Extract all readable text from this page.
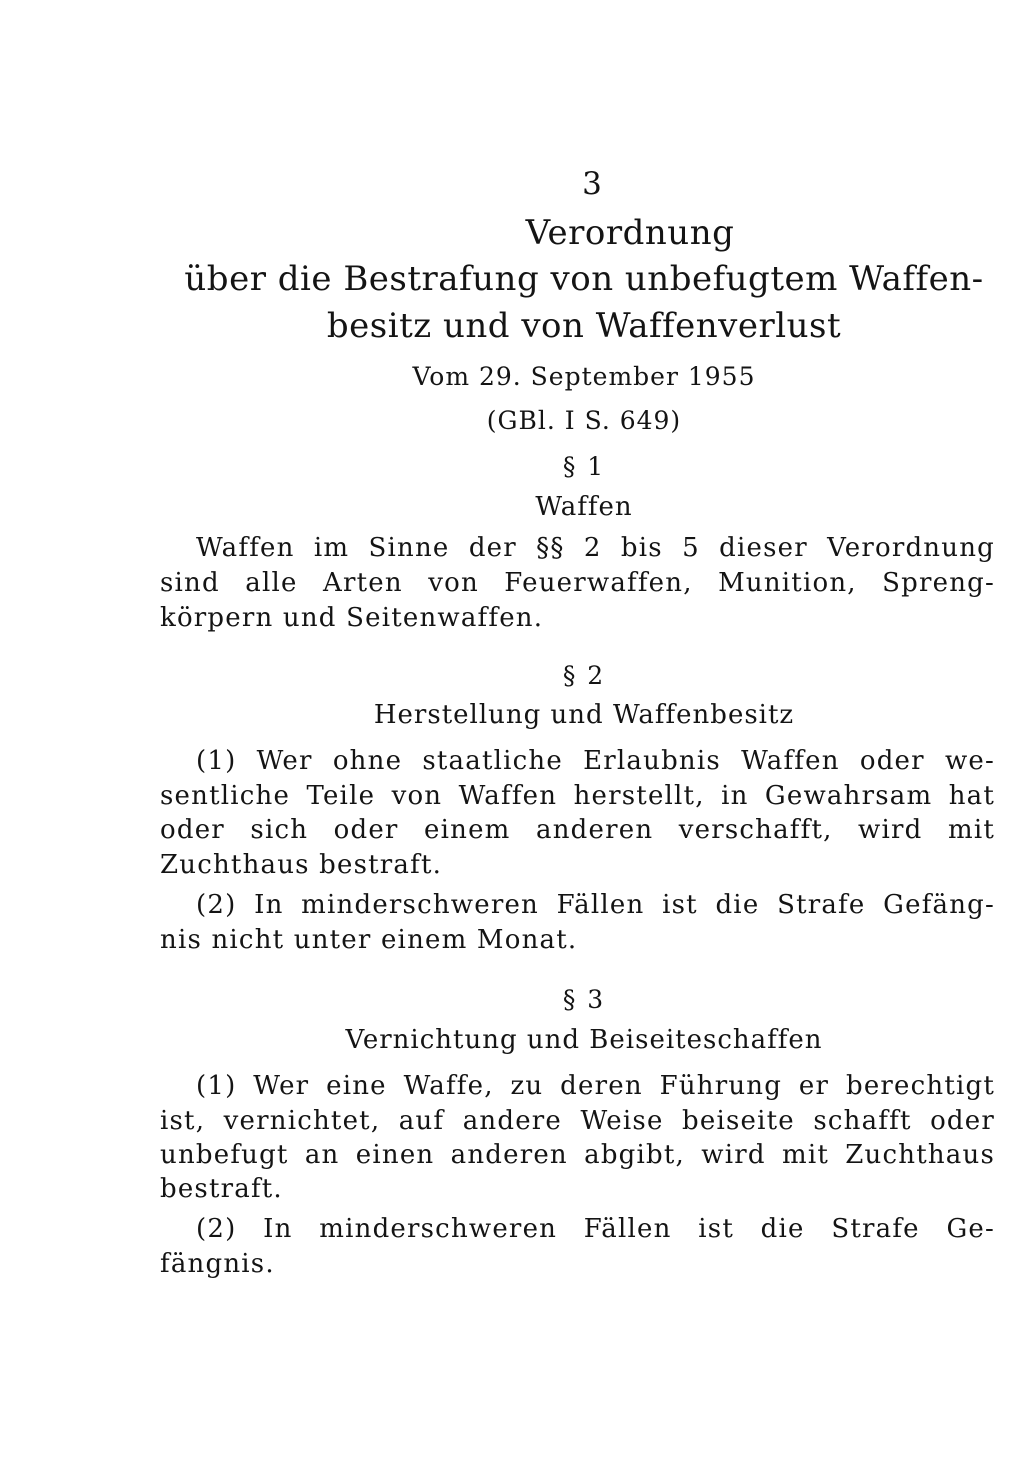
3
Verordnung
über die Bestrafung von unbefugtem Waffen-
besitz und von Waffenverlust
Vom 29. September 1955
(GBl. I S. 649)
§ 1
Waffen
Waffen im Sinne der §§ 2 bis 5 dieser Verordnung
sind alle Arten von Feuerwaffen, Munition, Spreng-
körpern und Seitenwaffen.
§ 2
Herstellung und Waffenbesitz
(1) Wer ohne staatliche Erlaubnis Waffen oder we-
sentliche Teile von Waffen herstellt, in Gewahrsam hat
oder sich oder einem anderen verschafft, wird mit
Zuchthaus bestraft.
(2) In minderschweren Fällen ist die Strafe Gefäng-
nis nicht unter einem Monat.
§ 3
Vernichtung und Beiseiteschaffen
(1) Wer eine Waffe, zu deren Führung er berechtigt
ist, vernichtet, auf andere Weise beiseite schafft oder
unbefugt an einen anderen abgibt, wird mit Zuchthaus
bestraft.
(2) In minderschweren Fällen ist die Strafe Ge-
fängnis.
